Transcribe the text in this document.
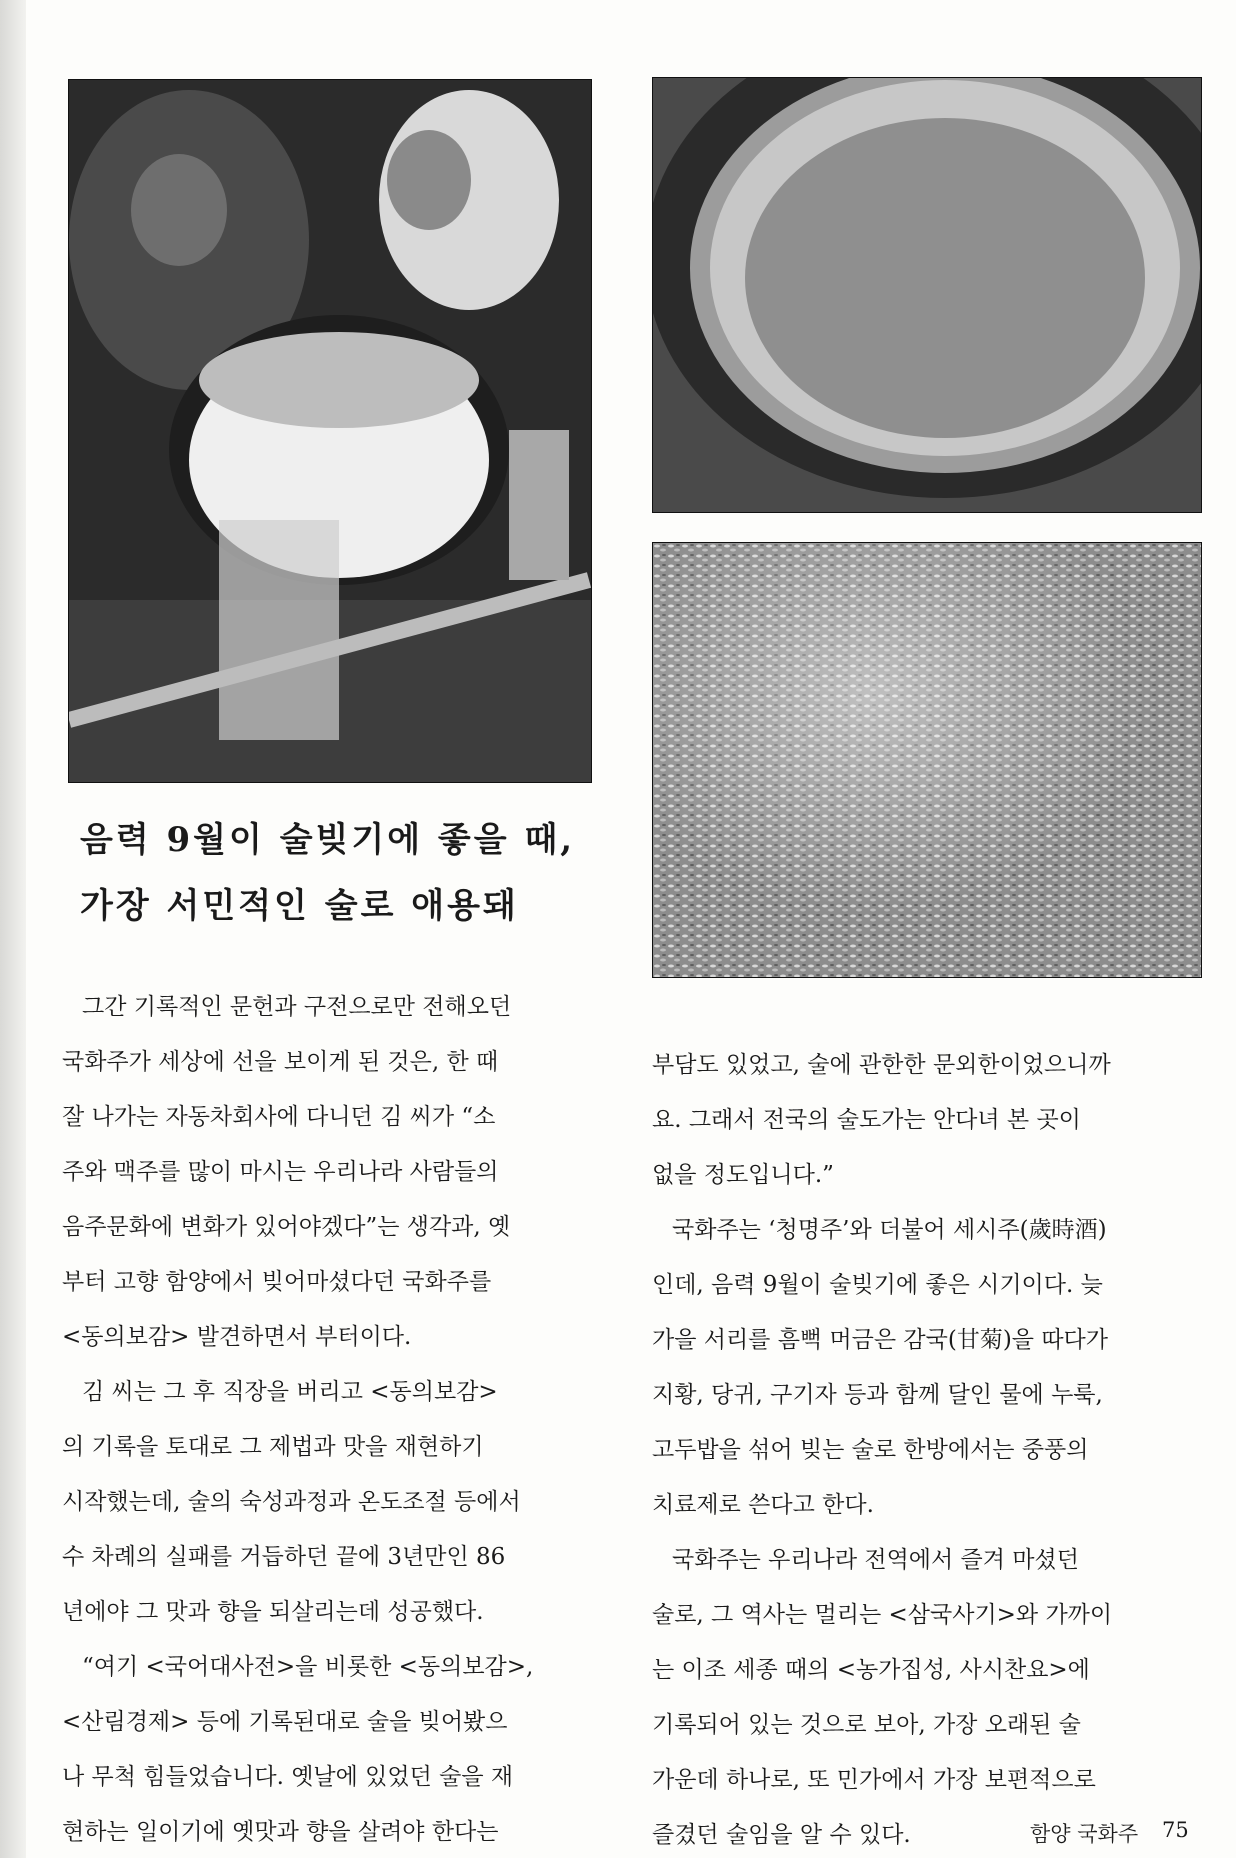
음력 9월이 술빚기에 좋을 때,
가장 서민적인 술로 애용돼

그간 기록적인 문헌과 구전으로만 전해오던

국화주가 세상에 선을 보이게 된 것은, 한 때

잘 나가는 자동차회사에 다니던 김 씨가 “소

주와 맥주를 많이 마시는 우리나라 사람들의

음주문화에 변화가 있어야겠다”는 생각과, 옛

부터 고향 함양에서 빚어마셨다던 국화주를

<동의보감> 발견하면서 부터이다.

김 씨는 그 후 직장을 버리고 <동의보감>

의 기록을 토대로 그 제법과 맛을 재현하기

시작했는데, 술의 숙성과정과 온도조절 등에서

수 차례의 실패를 거듭하던 끝에 3년만인 86

년에야 그 맛과 향을 되살리는데 성공했다.

“여기 <국어대사전>을 비롯한 <동의보감>,

<산림경제> 등에 기록된대로 술을 빚어봤으

나 무척 힘들었습니다. 옛날에 있었던 술을 재

현하는 일이기에 옛맛과 향을 살려야 한다는

부담도 있었고, 술에 관한한 문외한이었으니까

요. 그래서 전국의 술도가는 안다녀 본 곳이

없을 정도입니다.”

국화주는 ‘청명주’와 더불어 세시주(歲時酒)

인데, 음력 9월이 술빚기에 좋은 시기이다. 늦

가을 서리를 흠뻑 머금은 감국(甘菊)을 따다가

지황, 당귀, 구기자 등과 함께 달인 물에 누룩,

고두밥을 섞어 빚는 술로 한방에서는 중풍의

치료제로 쓴다고 한다.

국화주는 우리나라 전역에서 즐겨 마셨던

술로, 그 역사는 멀리는 <삼국사기>와 가까이

는 이조 세종 때의 <농가집성, 사시찬요>에

기록되어 있는 것으로 보아, 가장 오래된 술

가운데 하나로, 또 민가에서 가장 보편적으로

즐겼던 술임을 알 수 있다.	함양 국화주 75
